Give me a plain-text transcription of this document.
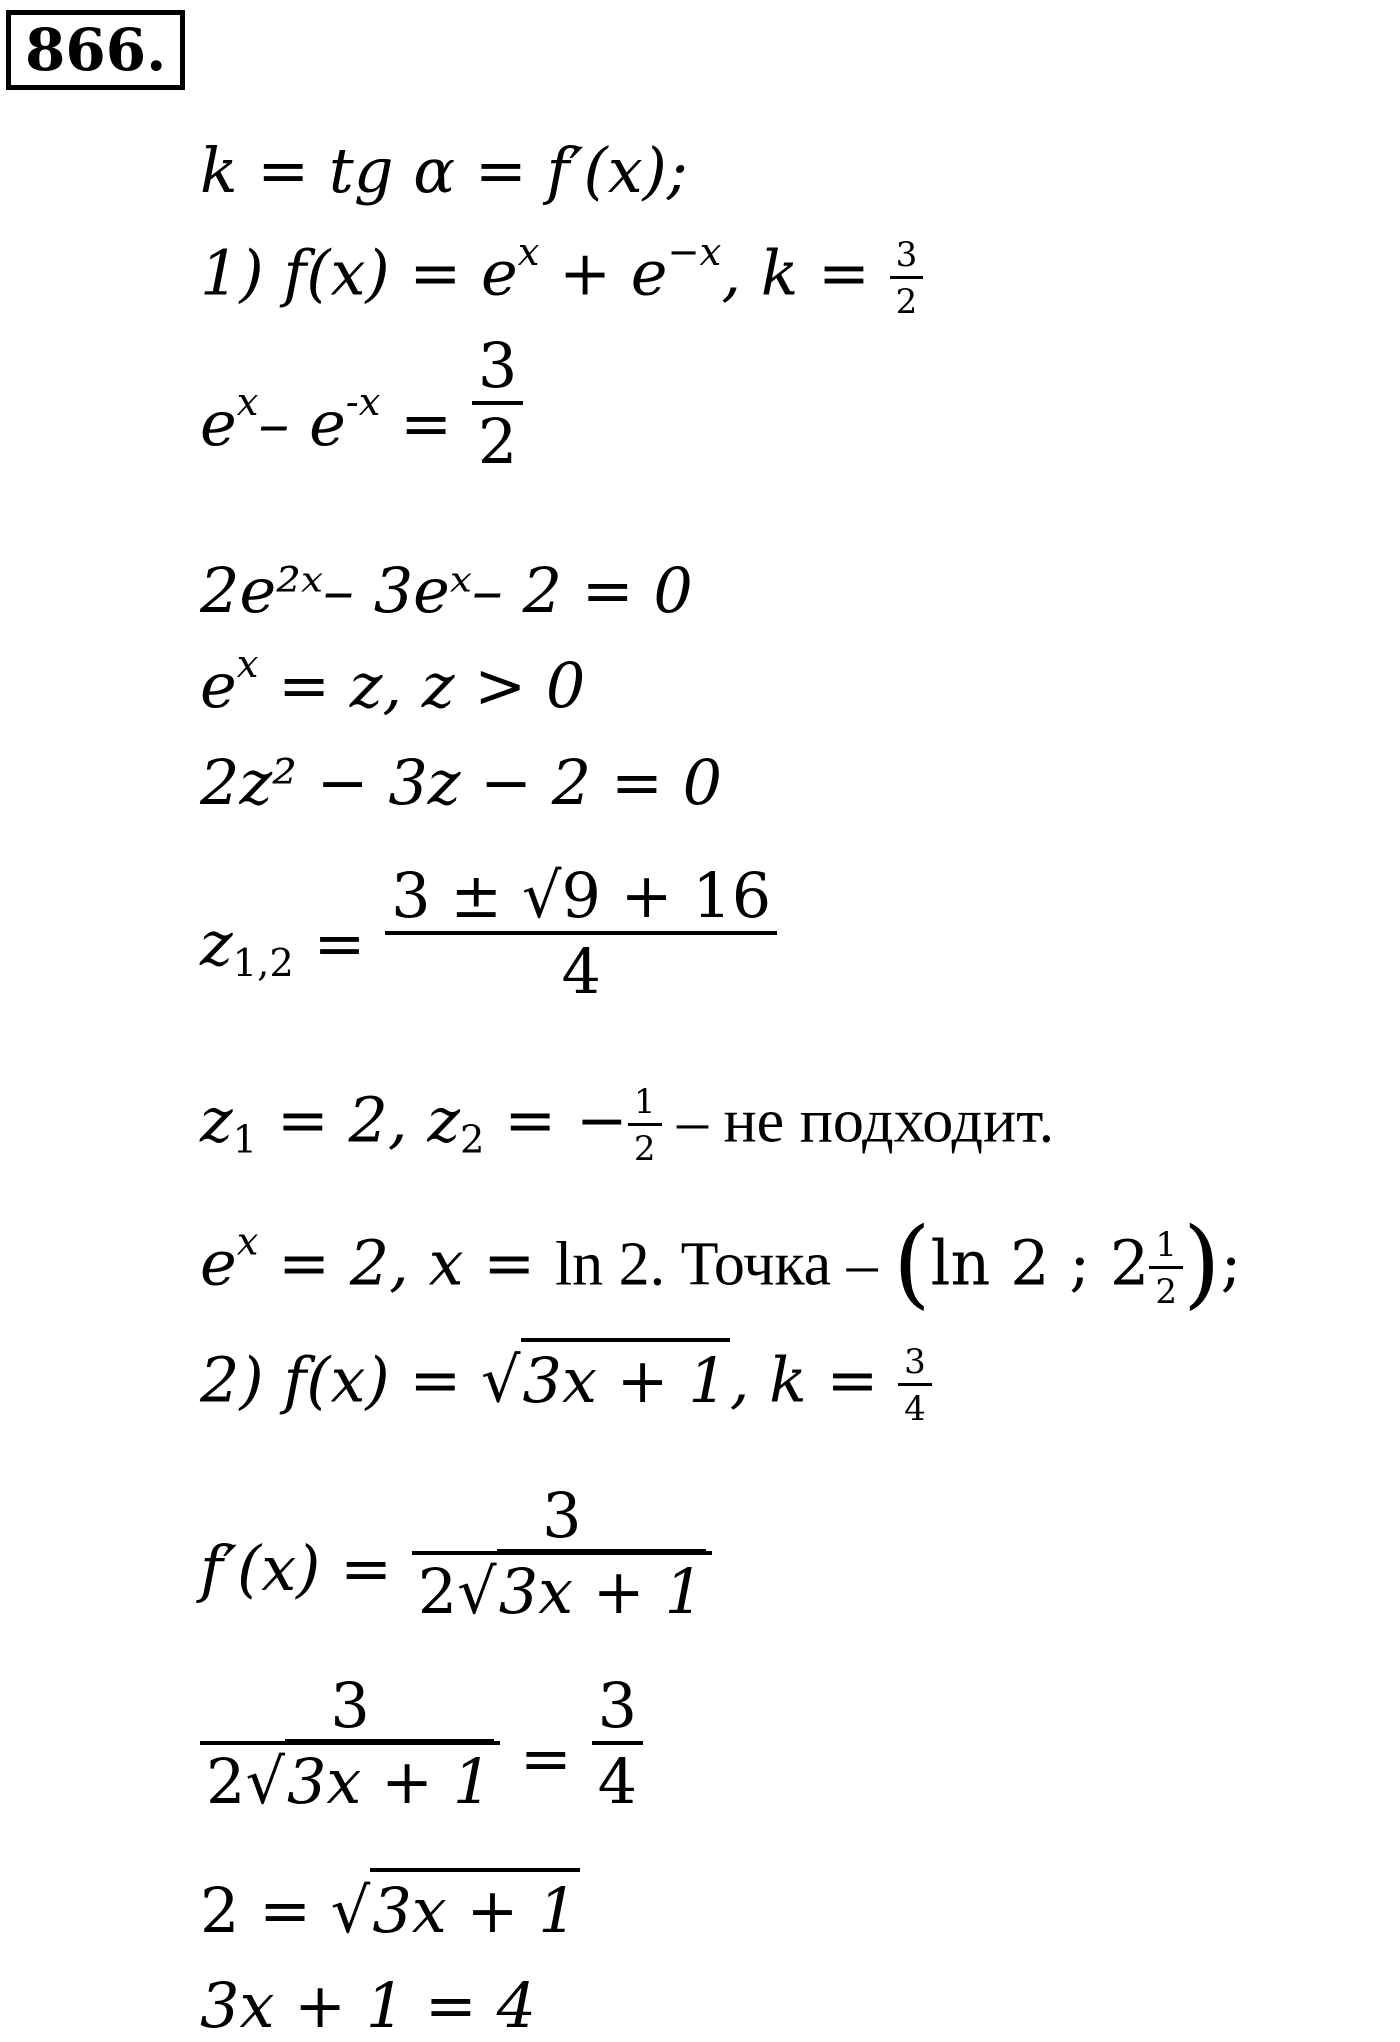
866.
k = tg α = f′(x);
1) $f(x) = e^x + e^{-x}$, $k = \frac{3}{2}$
$e^x-$ $e^{-x} = \frac{3}{2}$
2e²ˣ– 3eˣ– 2 = 0
$e^x = z$, z > 0
2z² − 3z − 2 = 0
$z_{1,2} = \frac{3 \pm √9 + 16}{4}$
$z_1 = 2$, $z_2$ = − $\frac{1}{2}$ – не подходит.
$e^x = 2$, x = ln 2. Точка – (ln 2 ; $2 \frac{1}{2}$ );
2) f(x) = √3x + 1, $k = \frac{3}{4}$
$f'(x) = \frac{3}{2√3x + 1}$
$\frac{3}{2√3x + 1} = \frac{3}{4}$
2 = √3x + 1
3x + 1 = 4
